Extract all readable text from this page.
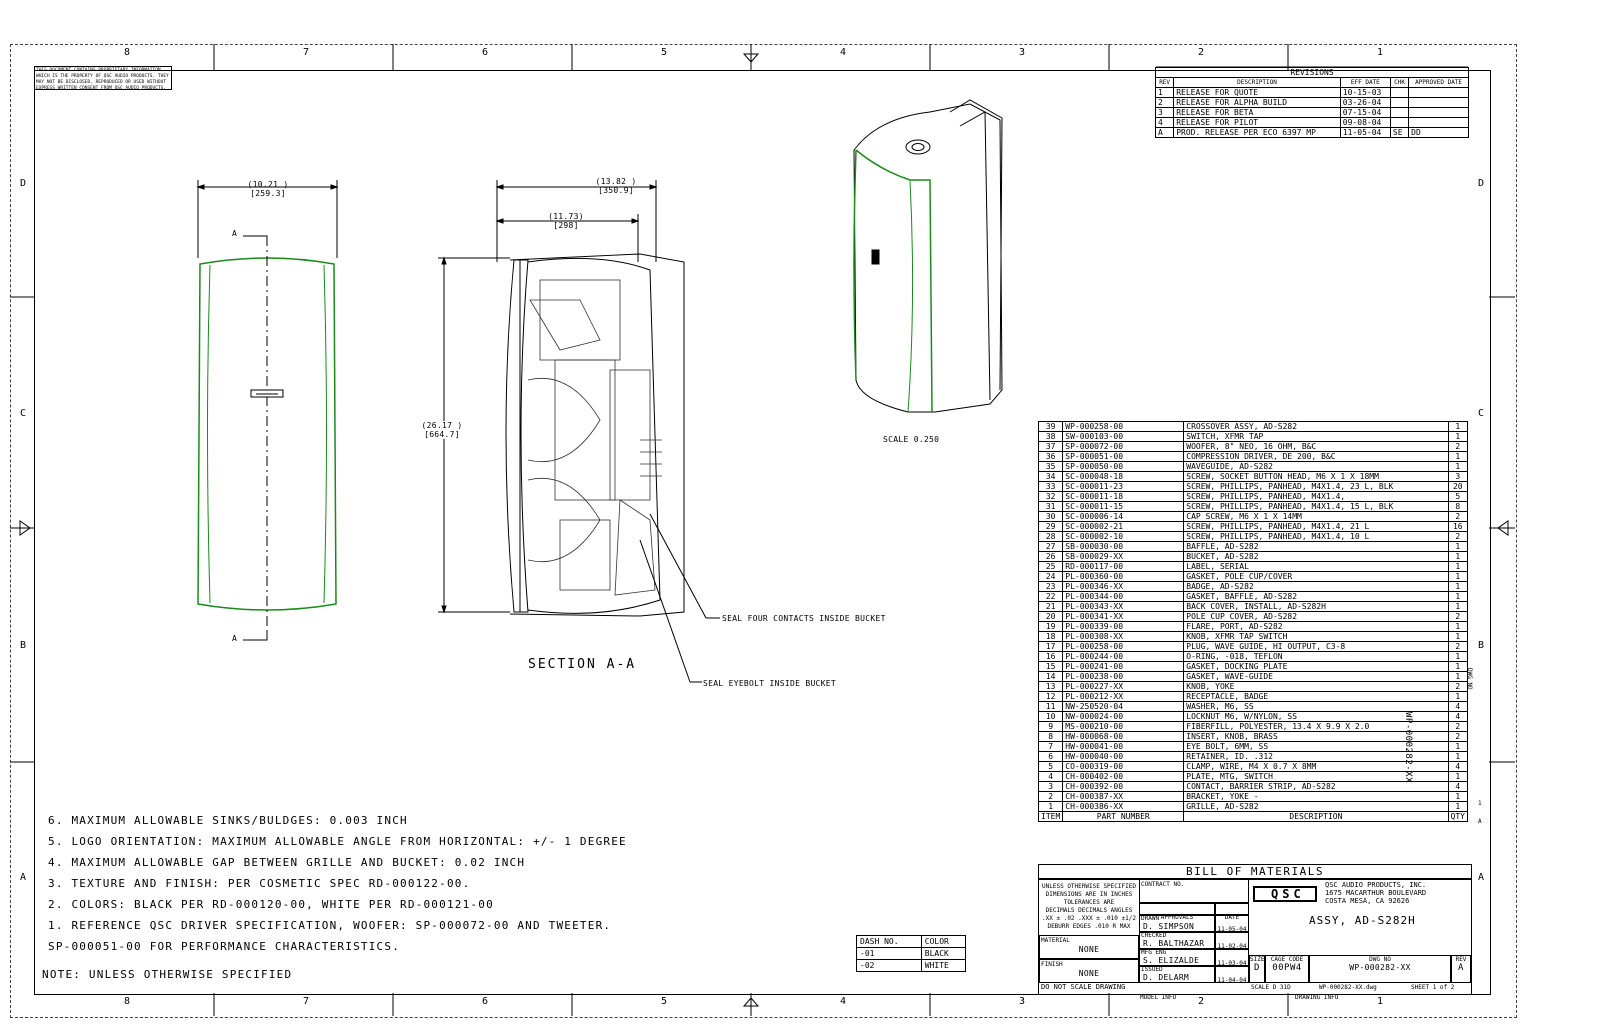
8
8
7
7
6
6
5
5
4
4
3
3
2
2
1
1
D	D
C	C
B	B
A	A
THIS DOCUMENT CONTAINS PROPRIETARY INFORMATION WHICH IS THE PROPERTY OF QSC AUDIO PRODUCTS. THEY MAY NOT BE DISCLOSED, REPRODUCED OR USED WITHOUT EXPRESS WRITTEN CONSENT FROM QSC AUDIO PRODUCTS.
(10.21 )
[259.3]
A
A
(13.82 )
[350.9]
(11.73)
[298]
(26.17 )
[664.7]
SEAL FOUR CONTACTS INSIDE BUCKET
SEAL EYEBOLT INSIDE BUCKET
SECTION A-A
SCALE 0.250
REVISIONS				
REV	DESCRIPTION	EFF DATE	CHK	APPROVED DATE
1	RELEASE FOR QUOTE	10-15-03		
2	RELEASE FOR ALPHA BUILD	03-26-04		
3	RELEASE FOR BETA	07-15-04		
4	RELEASE FOR PILOT	09-08-04		
A	PROD. RELEASE PER ECO 6397 MP	11-05-04	SE	DD
39	WP-000258-00	CROSSOVER ASSY, AD-S282	1
38	SW-000103-00	SWITCH, XFMR TAP	1
37	SP-000072-00	WOOFER, 8" NEO, 16 OHM, B&C	2
36	SP-000051-00	COMPRESSION DRIVER, DE 200, B&C	1
35	SP-000050-00	WAVEGUIDE, AD-S282	1
34	SC-000048-18	SCREW, SOCKET BUTTON HEAD, M6 X 1 X 18MM	3
33	SC-000011-23	SCREW, PHILLIPS, PANHEAD, M4X1.4, 23 L, BLK	20
32	SC-000011-18	SCREW, PHILLIPS, PANHEAD, M4X1.4,	5
31	SC-000011-15	SCREW, PHILLIPS, PANHEAD, M4X1.4, 15 L, BLK	8
30	SC-000006-14	CAP SCREW, M6 X 1 X 14MM	2
29	SC-000002-21	SCREW, PHILLIPS, PANHEAD, M4X1.4, 21 L	16
28	SC-000002-10	SCREW, PHILLIPS, PANHEAD, M4X1.4, 10 L	2
27	SB-000030-00	BAFFLE, AD-S282	1
26	SB-000029-XX	BUCKET, AD-S282	1
25	RD-000117-00	LABEL, SERIAL	1
24	PL-000360-00	GASKET, POLE CUP/COVER	1
23	PL-000346-XX	BADGE, AD-S282	1
22	PL-000344-00	GASKET, BAFFLE, AD-S282	1
21	PL-000343-XX	BACK COVER, INSTALL, AD-S282H	1
20	PL-000341-XX	POLE CUP COVER, AD-S282	2
19	PL-000339-00	FLARE, PORT, AD-S282	1
18	PL-000308-XX	KNOB, XFMR TAP SWITCH	1
17	PL-000258-00	PLUG, WAVE GUIDE, HI OUTPUT, C3-8	2
16	PL-000244-00	O-RING, -018, TEFLON	1
15	PL-000241-00	GASKET, DOCKING PLATE	1
14	PL-000238-00	GASKET, WAVE-GUIDE	1
13	PL-000227-XX	KNOB, YOKE	2
12	PL-000212-XX	RECEPTACLE, BADGE	1
11	NW-250520-04	WASHER, M6, SS	4
10	NW-000024-00	LOCKNUT M6, W/NYLON, SS	4
9	MS-000210-00	FIBERFILL, POLYESTER, 13.4 X 9.9 X 2.0	2
8	HW-000068-00	INSERT, KNOB, BRASS	2
7	HW-000041-00	EYE BOLT, 6MM, SS	1
6	HW-000040-00	RETAINER, ID. .312	1
5	CO-000319-00	CLAMP, WIRE, M4 X 0.7 X 8MM	4
4	CH-000402-00	PLATE, MTG, SWITCH	1
3	CH-000392-00	CONTACT, BARRIER STRIP, AD-S282	4
2	CH-000387-XX	BRACKET, YOKE -	1
1	CH-000386-XX	GRILLE, AD-S282	1
ITEM	PART NUMBER	DESCRIPTION	QTY
BILL OF MATERIALS
WP-000282-XX
DWG NO
1
A
DASH NO.	COLOR
-01	BLACK
-02	WHITE
6. MAXIMUM ALLOWABLE SINKS/BULDGES: 0.003 INCH
5. LOGO ORIENTATION: MAXIMUM ALLOWABLE ANGLE FROM HORIZONTAL: +/- 1 DEGREE
4. MAXIMUM ALLOWABLE GAP BETWEEN GRILLE AND BUCKET: 0.02 INCH
3. TEXTURE AND FINISH: PER COSMETIC SPEC RD-000122-00.
2. COLORS: BLACK PER RD-000120-00, WHITE PER RD-000121-00
1. REFERENCE QSC DRIVER SPECIFICATION, WOOFER: SP-000072-00 AND TWEETER.
SP-000051-00 FOR PERFORMANCE CHARACTERISTICS.
NOTE: UNLESS OTHERWISE SPECIFIED
UNLESS OTHERWISE SPECIFIED
DIMENSIONS ARE IN INCHES
TOLERANCES ARE
DECIMALS DECIMALS ANGLES
.XX ± .02 .XXX ± .010 ±1/2
DEBURR EDGES .010 R MAX
MATERIAL
NONE
FINISH
NONE
DO NOT SCALE DRAWING
CONTRACT NO.
APPROVALS	DATE
DRAWN
D. SIMPSON	11-05-04
CHECKED
R. BALTHAZAR	11-02-04
MFG ENG
S. ELIZALDE	11-03-04
ISSUED
D. DELARM	11-04-04
QSC
QSC AUDIO PRODUCTS, INC.
1675 MACARTHUR BOULEVARD
COSTA MESA, CA 92626
ASSY, AD-S282H
SIZE
D
CAGE CODE
00PW4
DWG NO
WP-000282-XX
REV
A
SCALE D 31D	WP-000282-XX.dwg	SHEET 1 of 2
MODEL INFO	DRAWING INFO
